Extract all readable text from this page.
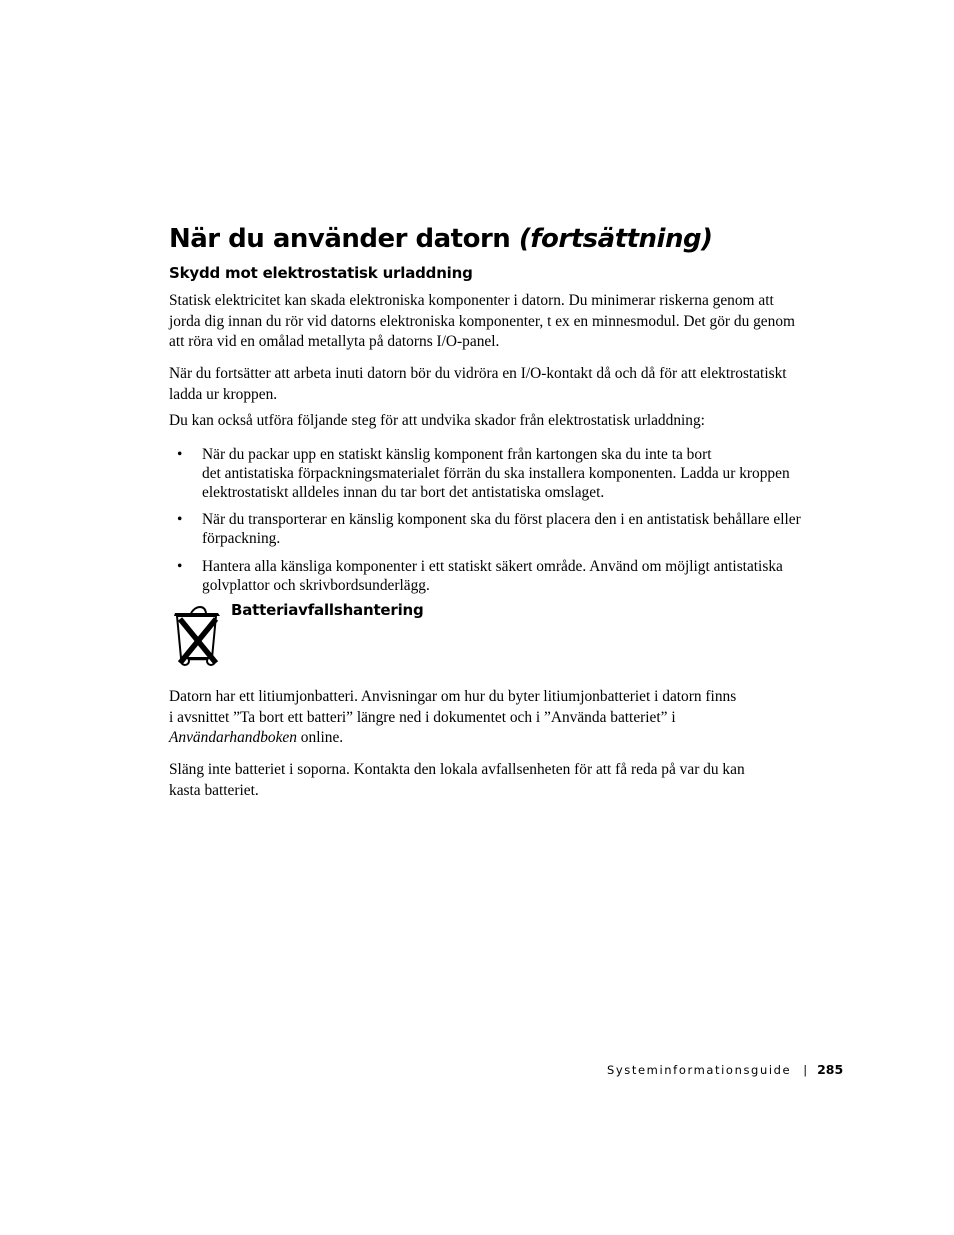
När du använder datorn (fortsättning)
Skydd mot elektrostatisk urladdning

Statisk elektricitet kan skada elektroniska komponenter i datorn. Du minimerar riskerna genom att
jorda dig innan du rör vid datorns elektroniska komponenter, t ex en minnesmodul. Det gör du genom
att röra vid en omålad metallyta på datorns I/O-panel.

När du fortsätter att arbeta inuti datorn bör du vidröra en I/O-kontakt då och då för att elektrostatiskt
ladda ur kroppen.

Du kan också utföra följande steg för att undvika skador från elektrostatisk urladdning:

• När du packar upp en statiskt känslig komponent från kartongen ska du inte ta bort
det antistatiska förpackningsmaterialet förrän du ska installera komponenten. Ladda ur kroppen
elektrostatiskt alldeles innan du tar bort det antistatiska omslaget.
• När du transporterar en känslig komponent ska du först placera den i en antistatisk behållare eller
förpackning.
• Hantera alla känsliga komponenter i ett statiskt säkert område. Använd om möjligt antistatiska
golvplattor och skrivbordsunderlägg.
Batteriavfallshantering

Datorn har ett litiumjonbatteri. Anvisningar om hur du byter litiumjonbatteriet i datorn finns
i avsnittet ”Ta bort ett batteri” längre ned i dokumentet och i ”Använda batteriet” i
Användarhandboken online.

Släng inte batteriet i soporna. Kontakta den lokala avfallsenheten för att få reda på var du kan
kasta batteriet.

Systeminformationsguide | 285
